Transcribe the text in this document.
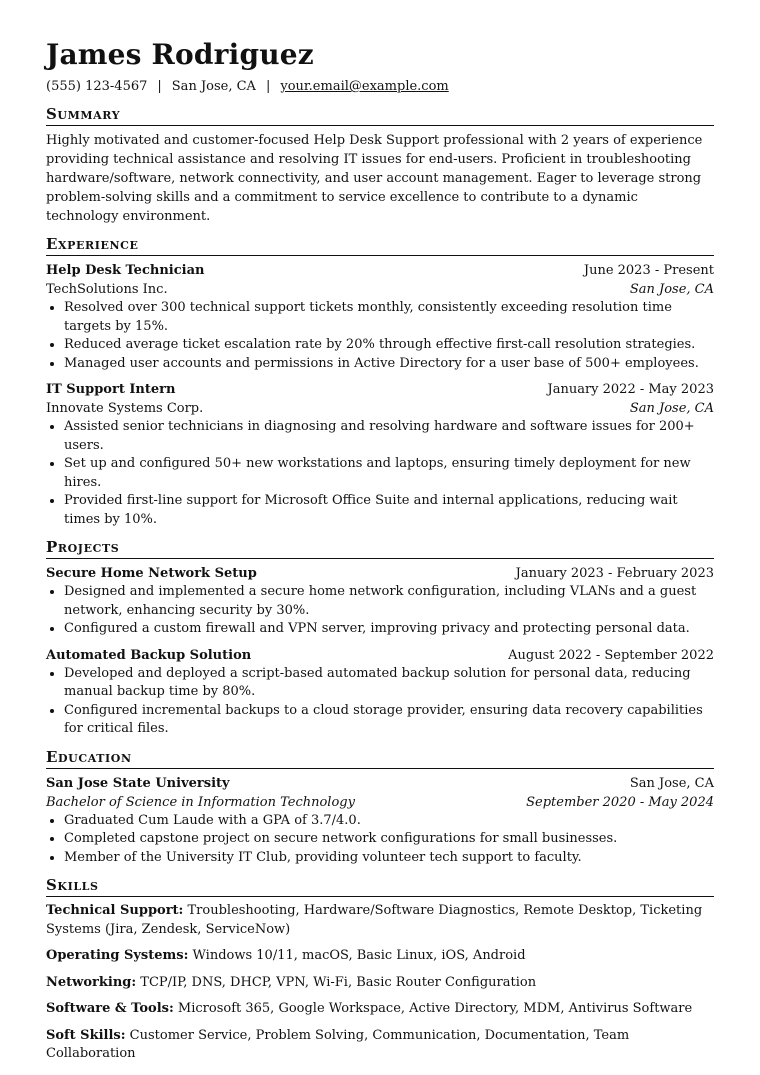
James Rodriguez
(555) 123-4567 | San Jose, CA | your.email@example.com
Summary

Highly motivated and customer-focused Help Desk Support professional with 2 years of experience providing technical assistance and resolving IT issues for end-users. Proficient in troubleshooting hardware/software, network connectivity, and user account management. Eager to leverage strong problem-solving skills and a commitment to service excellence to contribute to a dynamic technology environment.

Experience
Help Desk Technician	June 2023 - Present
TechSolutions Inc.	San Jose, CA
• Resolved over 300 technical support tickets monthly, consistently exceeding resolution time targets by 15%.
• Reduced average ticket escalation rate by 20% through effective first-call resolution strategies.
• Managed user accounts and permissions in Active Directory for a user base of 500+ employees.
IT Support Intern	January 2022 - May 2023
Innovate Systems Corp.	San Jose, CA
• Assisted senior technicians in diagnosing and resolving hardware and software issues for 200+ users.
• Set up and configured 50+ new workstations and laptops, ensuring timely deployment for new hires.
• Provided first-line support for Microsoft Office Suite and internal applications, reducing wait times by 10%.
Projects
Secure Home Network Setup	January 2023 - February 2023
• Designed and implemented a secure home network configuration, including VLANs and a guest network, enhancing security by 30%.
• Configured a custom firewall and VPN server, improving privacy and protecting personal data.
Automated Backup Solution	August 2022 - September 2022
• Developed and deployed a script-based automated backup solution for personal data, reducing manual backup time by 80%.
• Configured incremental backups to a cloud storage provider, ensuring data recovery capabilities for critical files.
Education
San Jose State University	San Jose, CA
Bachelor of Science in Information Technology	September 2020 - May 2024
• Graduated Cum Laude with a GPA of 3.7/4.0.
• Completed capstone project on secure network configurations for small businesses.
• Member of the University IT Club, providing volunteer tech support to faculty.
Skills
Technical Support: Troubleshooting, Hardware/Software Diagnostics, Remote Desktop, Ticketing Systems (Jira, Zendesk, ServiceNow)
Operating Systems: Windows 10/11, macOS, Basic Linux, iOS, Android
Networking: TCP/IP, DNS, DHCP, VPN, Wi-Fi, Basic Router Configuration
Software & Tools: Microsoft 365, Google Workspace, Active Directory, MDM, Antivirus Software
Soft Skills: Customer Service, Problem Solving, Communication, Documentation, Team Collaboration
